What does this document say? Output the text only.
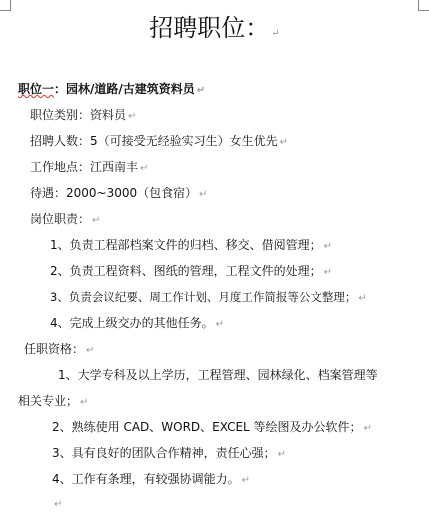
招聘职位： ↵
职位一：园林/道路/古建筑资料员 ↵
职位类别：资料员 ↵
招聘人数：5（可接受无经验实习生）女生优先 ↵
工作地点：江西南丰 ↵
待遇：2000~3000（包食宿） ↵
岗位职责： ↵
1、负责工程部档案文件的归档、移交、借阅管理； ↵
2、负责工程资料、图纸的管理，工程文件的处理； ↵
3、负责会议纪要、周工作计划、月度工作简报等公文整理； ↵
4、完成上级交办的其他任务。 ↵
任职资格： ↵
1、大学专科及以上学历，工程管理、园林绿化、档案管理等
相关专业； ↵
2、熟练使用 CAD、WORD、EXCEL 等绘图及办公软件； ↵
3、具有良好的团队合作精神，责任心强； ↵
4、工作有条理，有较强协调能力。 ↵
↵
